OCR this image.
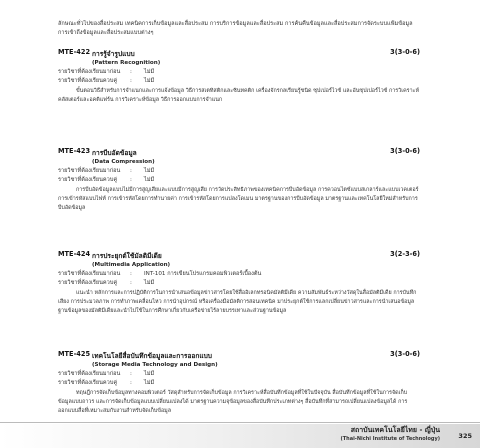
ลักษณะทั่วไปของสื่อประสม เทคนิคการเก็บข้อมูลและสื่อประสม การบริการข้อมูลและสื่อประสม การค้นคืนข้อมูลและสื่อประสมการจัดระบบแฟ้มข้อมูล การเข้าถึงข้อมูลและสื่อประสมแบบต่างๆ
MTE-422 การรู้จำรูปแบบ	3(3-0-6)
(Pattern Recognition)
รายวิชาที่ต้องเรียนมาก่อน : ไม่มี
รายวิชาที่ต้องเรียนควบคู่ : ไม่มี
ขั้นตอนวิธีสำหรับการจำแนกและการแจ้งข้อมูล วิธีการสเตทิสติกและซินทคติก เครื่องจักรกลเรียนรู้ชนิด ซุปเปอร์ไวซ์ และอันซุปเปอร์ไวซ์ การวิเคราะห์คลัสเตอร์และอคติแฟร์น การวิเคราะห์ข้อมูล วิธีการออกแบบการจำแนก
MTE-423 การบีบอัดข้อมูล	3(3-0-6)
(Data Compression)
รายวิชาที่ต้องเรียนมาก่อน : ไม่มี
รายวิชาที่ต้องเรียนควบคู่ : ไม่มี
การบีบอัดข้อมูลแบบไม่มีการสูญเสียและแบบมีการสูญเสีย การวัดประสิทธิภาพของเทคนิคการบีบอัดข้อมูล การควอนไตซ์แบบสเกลาร์และแบบเวคเตอร์ การเข้ารหัสแบบไฟท์ การเข้ารหัสโดยการทำนายค่า การเข้ารหัสโดยการแปลงโดเมน มาตรฐานของการบีบอัดข้อมูล มาตรฐานและเทคโนโลยีใหม่สำหรับการบีบอัดข้อมูล
MTE-424 การประยุกต์ใช้มัลติมีเดีย	3(2-3-6)
(Multimedia Application)
รายวิชาที่ต้องเรียนมาก่อน : INT-101 การเขียนโปรแกรมคอมพิวเตอร์เบื้องต้น
รายวิชาที่ต้องเรียนควบคู่ : ไม่มี
แนะนำ หลักการและการปฏิบัติการในการนำเสนอข้อมูลข่าวสารโดยใช้สื่ออิเลกทรอนิคมัลติมีเดีย ความสัมพันธ์ระหว่างวัสดุในสื่อมัลติมีเดีย การบันทึกเสียง การประมวลภาพ การทำภาพเคลื่อนไหว การนำอุปกรณ์ หรือเครื่องมือมัลติการสอนเทคนิค มาประยุกต์ใช้การแลกเปลี่ยนข่าวสารและการนำเสนอข้อมูล ฐานข้อมูลของมัลติมีเดียและนำไปใช้ในการศึกษาเกี่ยวกับเครือข่ายไร้ลายบรรเทาและส่วนฐานข้อมูล
MTE-425 เทคโนโลยีสื่อบันทึกข้อมูลและการออกแบบ	3(3-0-6)
(Storage Media Technology and Design)
รายวิชาที่ต้องเรียนมาก่อน : ไม่มี
รายวิชาที่ต้องเรียนควบคู่ : ไม่มี
ทฤษฎีการจัดเก็บข้อมูลทางคอมพิวเตอร์ วัสดุสำหรับการจัดเก็บข้อมูล การวิเคราะห์สื่อบันทึกข้อมูลที่ใช้ในปัจจุบัน สื่อบันทึกข้อมูลที่ใช้ในการจัดเก็บข้อมูลแบบถาวร และการจัดเก็บข้อมูลแบบเปลี่ยนแปลงได้ มาตรฐานความจุข้อมูลของสื่อบันทึกประเภทต่างๆ สื่อบันทึกที่สามารถเปลี่ยนแปลงข้อมูลได้ การออกแบบสื่อที่เหมาะสมกับงานสำหรับจัดเก็บข้อมูล
สถาบันเทคโนโลยีไทย - ญี่ปุ่น
(Thai-Nichi Institute of Technology)	325
